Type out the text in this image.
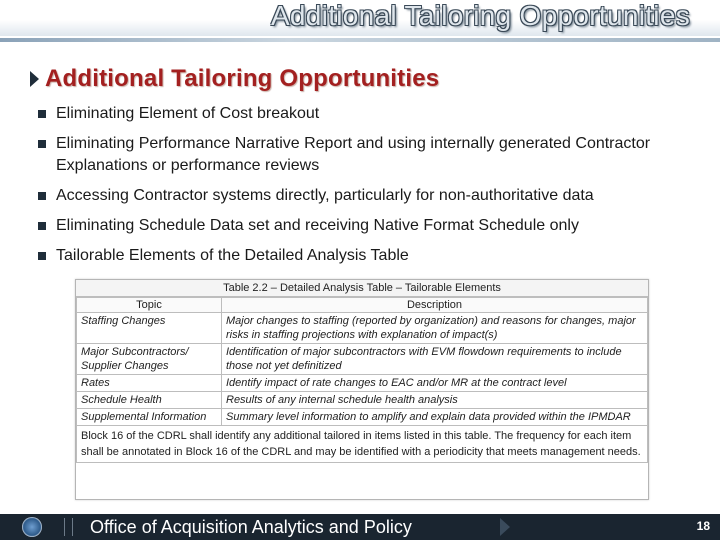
Additional Tailoring Opportunities
Additional Tailoring Opportunities
Eliminating Element of Cost breakout
Eliminating Performance Narrative Report and using internally generated Contractor Explanations or performance reviews
Accessing Contractor systems directly, particularly for non-authoritative data
Eliminating Schedule Data set and receiving Native Format Schedule only
Tailorable Elements of the Detailed Analysis Table
Table 2.2 – Detailed Analysis Table – Tailorable Elements
Topic	Description
Staffing Changes	Major changes to staffing (reported by organization) and reasons for changes, major risks in staffing projections with explanation of impact(s)
Major Subcontractors/ Supplier Changes	Identification of major subcontractors with EVM flowdown requirements to include those not yet definitized
Rates	Identify impact of rate changes to EAC and/or MR at the contract level
Schedule Health	Results of any internal schedule health analysis
Supplemental Information	Summary level information to amplify and explain data provided within the IPMDAR
Block 16 of the CDRL shall identify any additional tailored in items listed in this table. The frequency for each item shall be annotated in Block 16 of the CDRL and may be identified with a periodicity that meets management needs.	
Office of Acquisition Analytics and Policy	18
